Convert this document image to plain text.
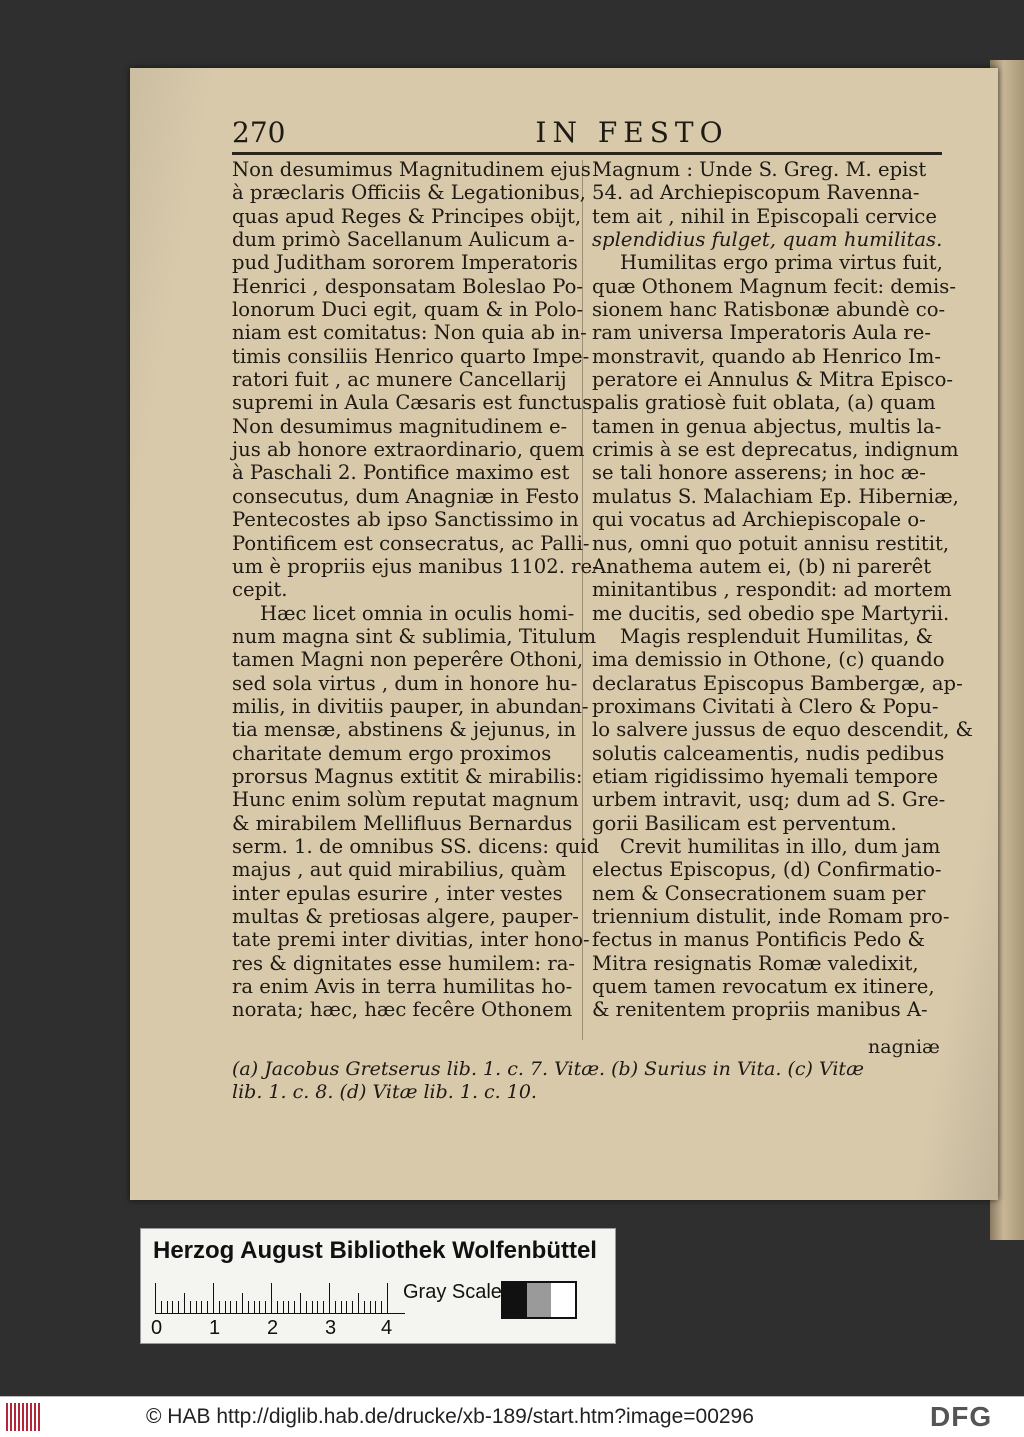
270	IN FESTO
Non desumimus Magnitudinem ejus
à præclaris Officiis & Legationibus,
quas apud Reges & Principes obijt,
dum primò Sacellanum Aulicum a-
pud Juditham sororem Imperatoris
Henrici , desponsatam Boleslao Po-
lonorum Duci egit, quam & in Polo-
niam est comitatus: Non quia ab in-
timis consiliis Henrico quarto Impe-
ratori fuit , ac munere Cancellarij
supremi in Aula Cæsaris est functus:
Non desumimus magnitudinem e-
jus ab honore extraordinario, quem
à Paschali 2. Pontifice maximo est
consecutus, dum Anagniæ in Festo
Pentecostes ab ipso Sanctissimo in
Pontificem est consecratus, ac Palli-
um è propriis ejus manibus 1102. re-
cepit.
Hæc licet omnia in oculis homi-
num magna sint & sublimia, Titulum
tamen Magni non peperêre Othoni,
sed sola virtus , dum in honore hu-
milis, in divitiis pauper, in abundan-
tia mensæ, abstinens & jejunus, in
charitate demum ergo proximos
prorsus Magnus extitit & mirabilis:
Hunc enim solùm reputat magnum
& mirabilem Mellifluus Bernardus
serm. 1. de omnibus SS. dicens: quid
majus , aut quid mirabilius, quàm
inter epulas esurire , inter vestes
multas & pretiosas algere, pauper-
tate premi inter divitias, inter hono-
res & dignitates esse humilem: ra-
ra enim Avis in terra humilitas ho-
norata; hæc, hæc fecêre Othonem
Magnum : Unde S. Greg. M. epist
54. ad Archiepiscopum Ravenna-
tem ait , nihil in Episcopali cervice
splendidius fulget, quam humilitas.
Humilitas ergo prima virtus fuit,
quæ Othonem Magnum fecit: demis-
sionem hanc Ratisbonæ abundè co-
ram universa Imperatoris Aula re-
monstravit, quando ab Henrico Im-
peratore ei Annulus & Mitra Episco-
palis gratiosè fuit oblata, (a) quam
tamen in genua abjectus, multis la-
crimis à se est deprecatus, indignum
se tali honore asserens; in hoc æ-
mulatus S. Malachiam Ep. Hiberniæ,
qui vocatus ad Archiepiscopale o-
nus, omni quo potuit annisu restitit,
Anathema autem ei, (b) ni parerêt
minitantibus , respondit: ad mortem
me ducitis, sed obedio spe Martyrii.
Magis resplenduit Humilitas, &
ima demissio in Othone, (c) quando
declaratus Episcopus Bambergæ, ap-
proximans Civitati à Clero & Popu-
lo salvere jussus de equo descendit, &
solutis calceamentis, nudis pedibus
etiam rigidissimo hyemali tempore
urbem intravit, usq; dum ad S. Gre-
gorii Basilicam est perventum.
Crevit humilitas in illo, dum jam
electus Episcopus, (d) Confirmatio-
nem & Consecrationem suam per
triennium distulit, inde Romam pro-
fectus in manus Pontificis Pedo &
Mitra resignatis Romæ valedixit,
quem tamen revocatum ex itinere,
& renitentem propriis manibus A-
nagniæ
(a) Jacobus Gretserus lib. 1. c. 7. Vitæ. (b) Surius in Vita. (c) Vitæ
lib. 1. c. 8. (d) Vitæ lib. 1. c. 10.
Herzog August Bibliothek Wolfenbüttel
0 1 2 3 4
Gray Scale
© HAB http://diglib.hab.de/drucke/xb-189/start.htm?image=00296	DFG
